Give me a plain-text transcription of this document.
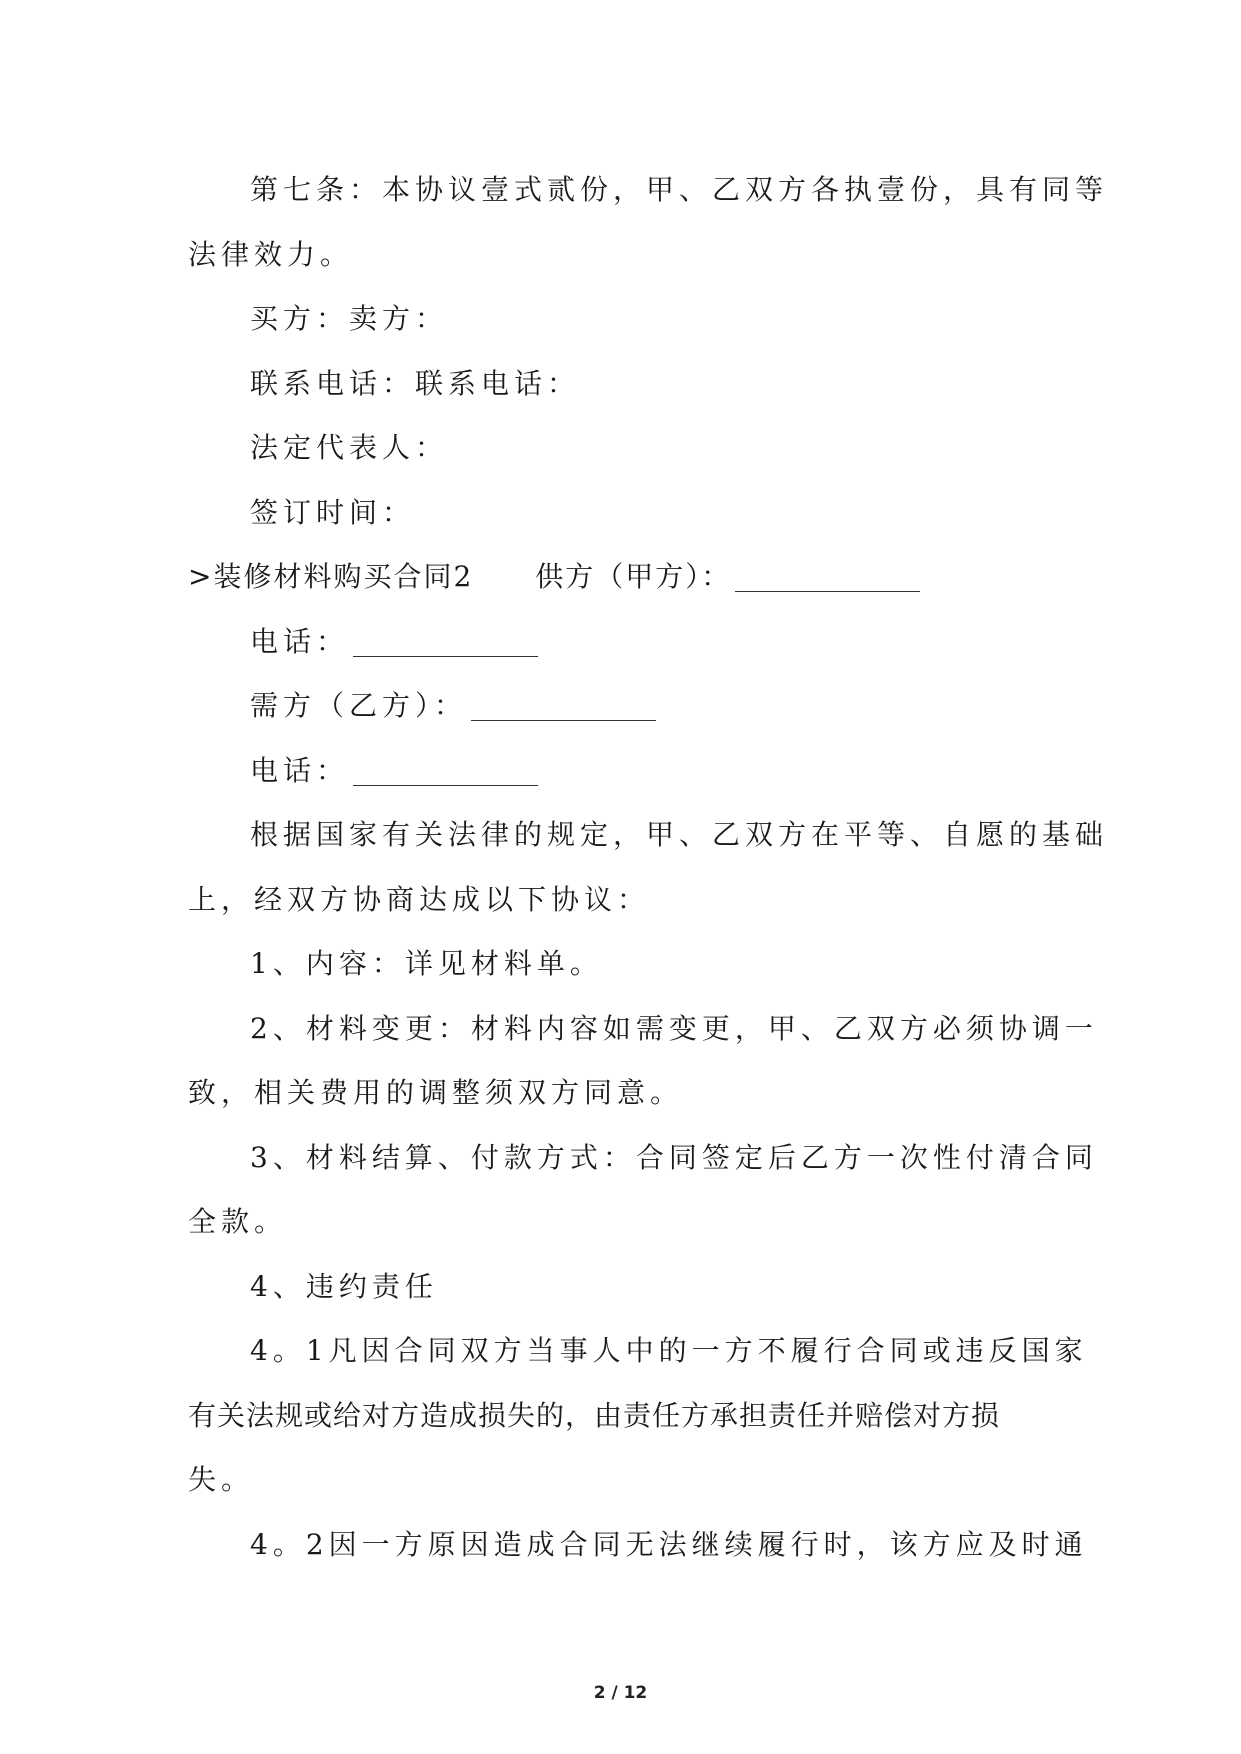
第七条：本协议壹式贰份，甲、乙双方各执壹份，具有同等
法律效力。
买方：卖方：
联系电话：联系电话：
法定代表人：
签订时间：
>装修材料购买合同2 供方（甲方）：
电话：
需方（乙方）：
电话：
根据国家有关法律的规定，甲、乙双方在平等、自愿的基础
上，经双方协商达成以下协议：
1、内容：详见材料单。
2、材料变更：材料内容如需变更，甲、乙双方必须协调一
致，相关费用的调整须双方同意。
3、材料结算、付款方式：合同签定后乙方一次性付清合同
全款。
4、违约责任
4。1凡因合同双方当事人中的一方不履行合同或违反国家
有关法规或给对方造成损失的，由责任方承担责任并赔偿对方损
失。
4。2因一方原因造成合同无法继续履行时，该方应及时通
2 / 12
